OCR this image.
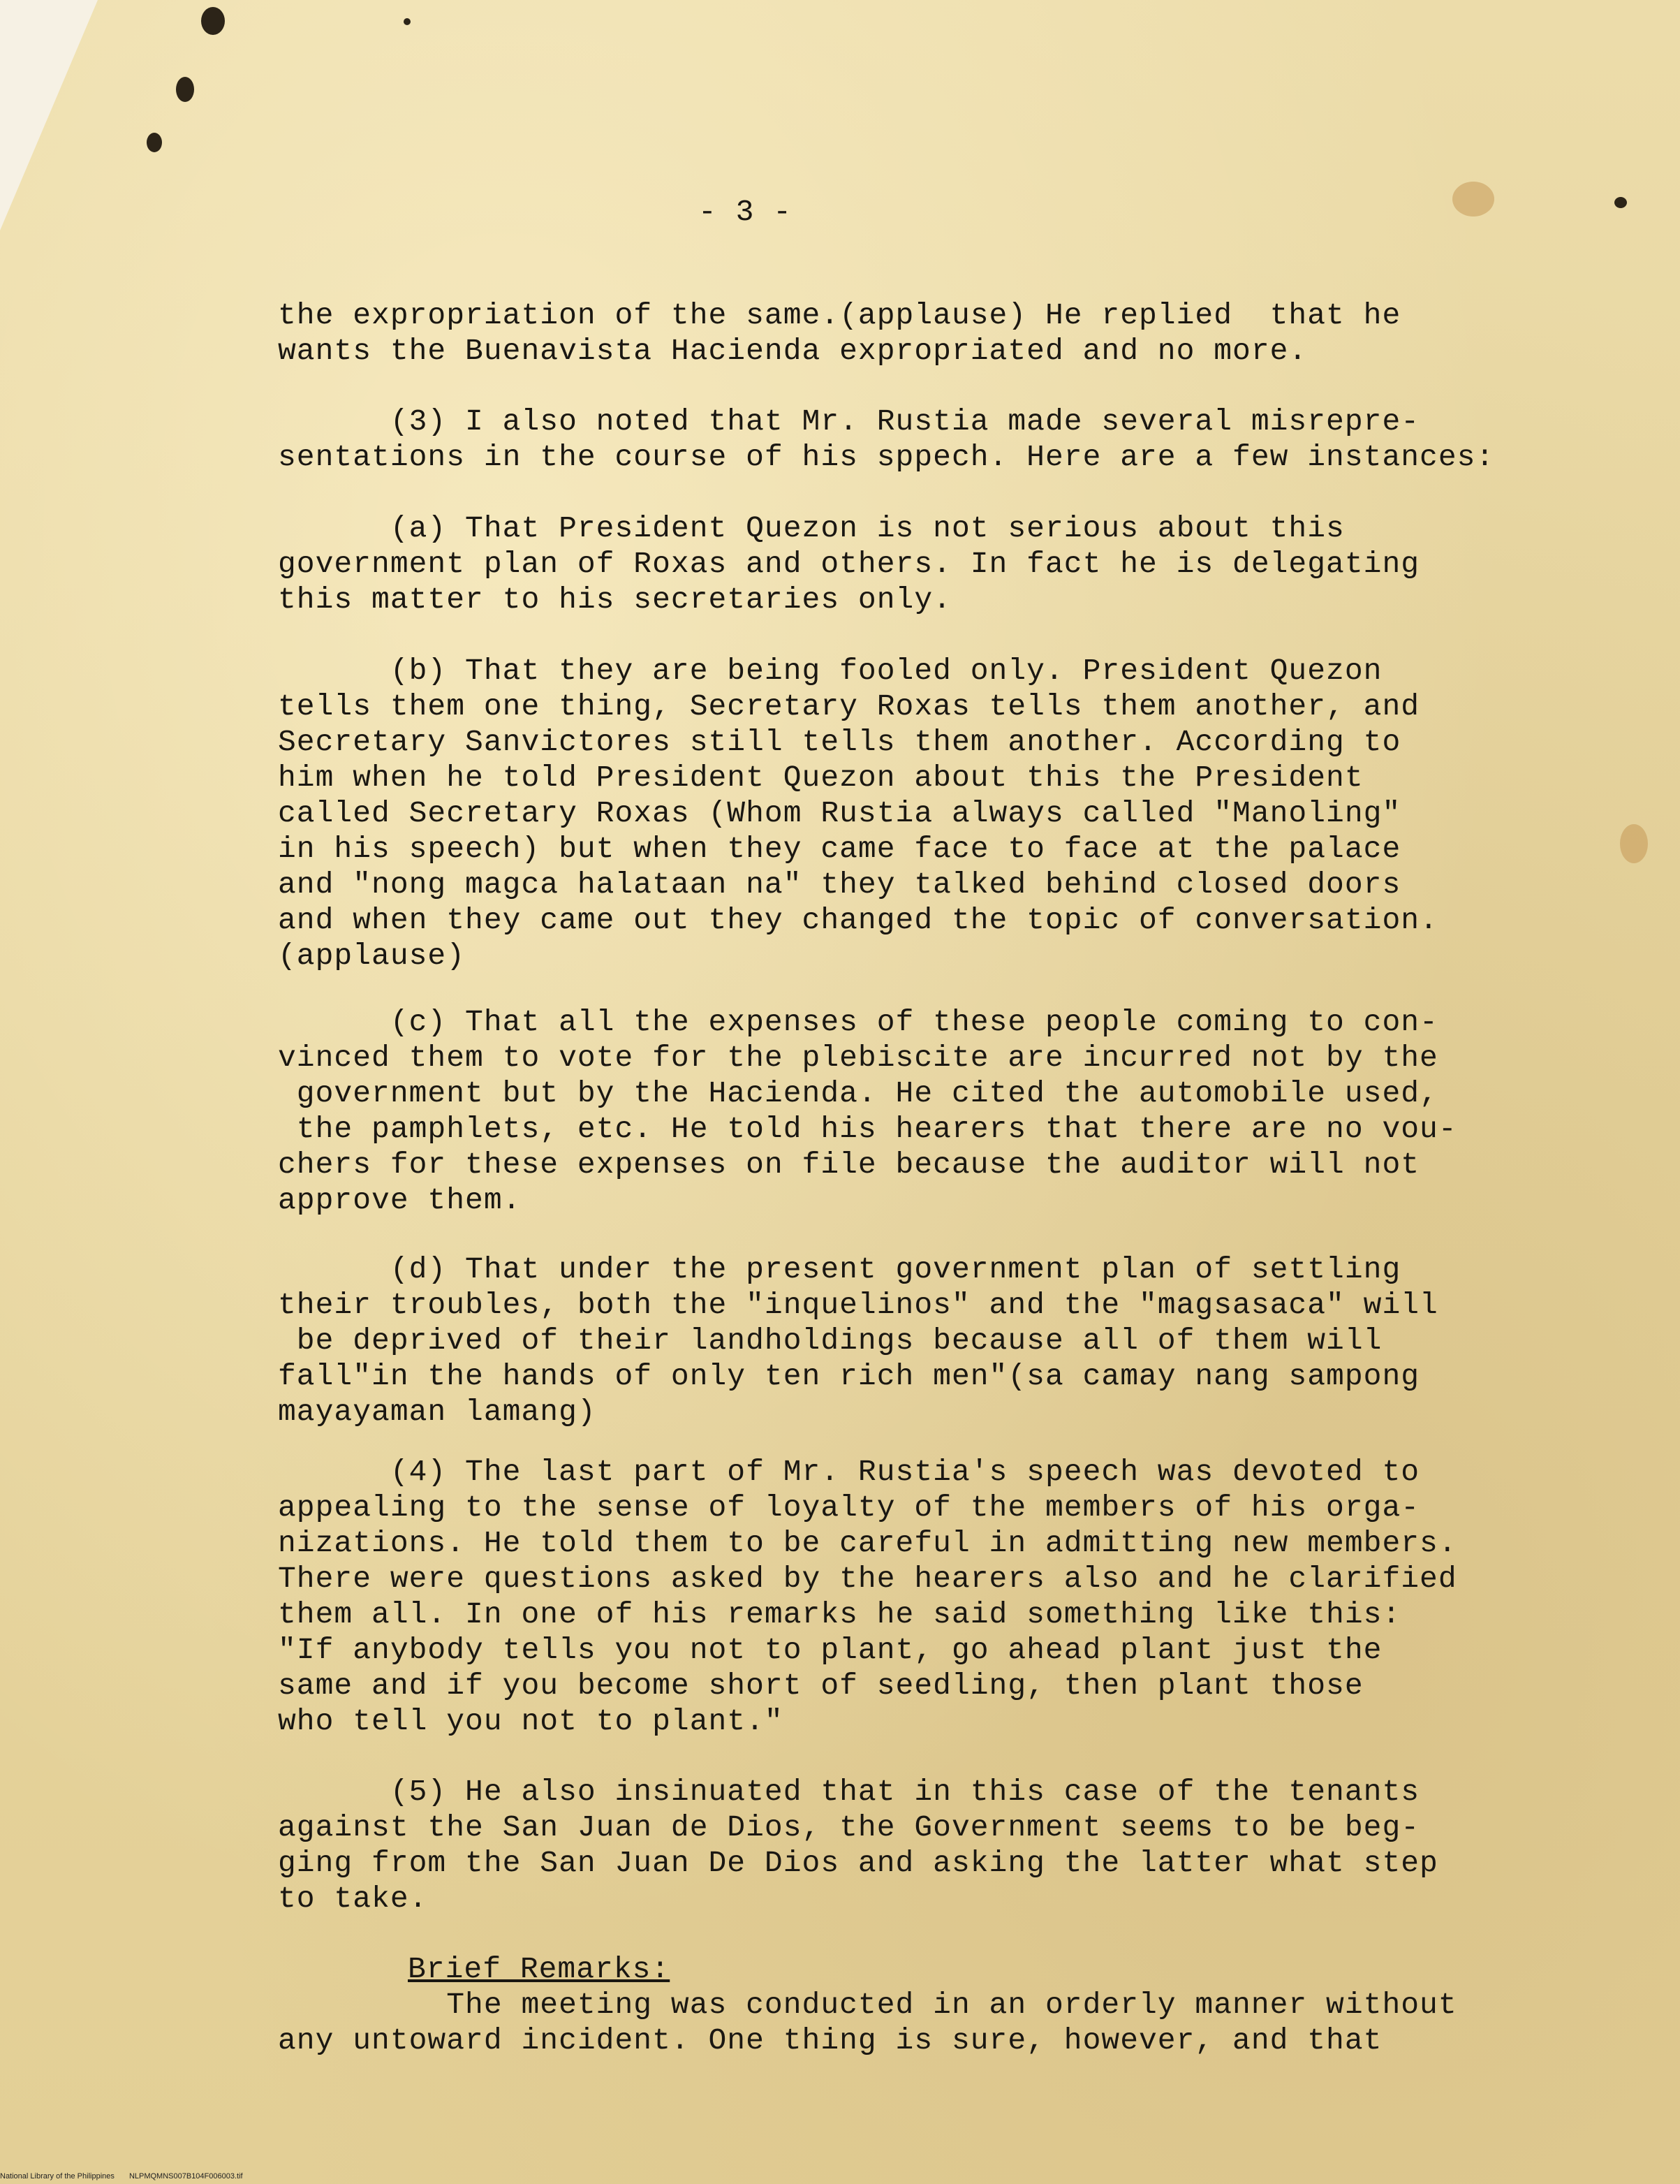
- 3 -

the expropriation of the same.(applause) He replied  that he
wants the Buenavista Hacienda expropriated and no more.

(3) I also noted that Mr. Rustia made several misrepre-
sentations in the course of his sppech. Here are a few instances:

(a) That President Quezon is not serious about this
government plan of Roxas and others. In fact he is delegating
this matter to his secretaries only.

(b) That they are being fooled only. President Quezon
tells them one thing, Secretary Roxas tells them another, and
Secretary Sanvictores still tells them another. According to
him when he told President Quezon about this the President
called Secretary Roxas (Whom Rustia always called "Manoling"
in his speech) but when they came face to face at the palace
and "nong magca halataan na" they talked behind closed doors
and when they came out they changed the topic of conversation.
(applause)

(c) That all the expenses of these people coming to con-
vinced them to vote for the plebiscite are incurred not by the
government but by the Hacienda. He cited the automobile used,
the pamphlets, etc. He told his hearers that there are no vou-
chers for these expenses on file because the auditor will not
approve them.

(d) That under the present government plan of settling
their troubles, both the "inquelinos" and the "magsasaca" will
be deprived of their landholdings because all of them will
fall"in the hands of only ten rich men"(sa camay nang sampong
mayayaman lamang)

(4) The last part of Mr. Rustia's speech was devoted to
appealing to the sense of loyalty of the members of his orga-
nizations. He told them to be careful in admitting new members.
There were questions asked by the hearers also and he clarified
them all. In one of his remarks he said something like this:
"If anybody tells you not to plant, go ahead plant just the
same and if you become short of seedling, then plant those
who tell you not to plant."

(5) He also insinuated that in this case of the tenants
against the San Juan de Dios, the Government seems to be beg-
ging from the San Juan De Dios and asking the latter what step
to take.

Brief Remarks:

The meeting was conducted in an orderly manner without
any untoward incident. One thing is sure, however, and that

National Library of the Philippines NLPMQMNS007B104F006003.tif
